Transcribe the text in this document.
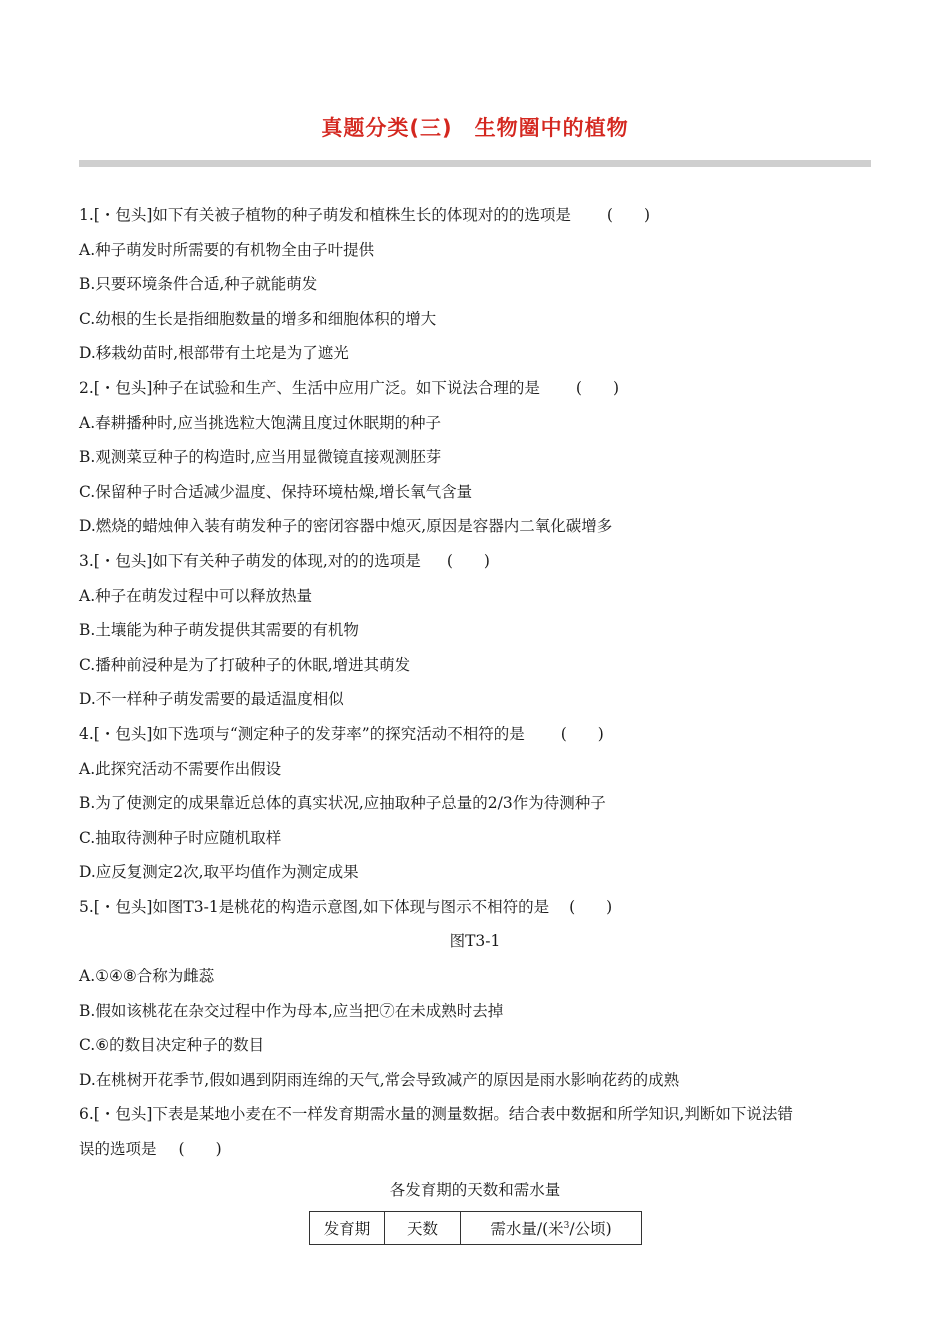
真题分类(三)　生物圈中的植物
1.[・包头]如下有关被子植物的种子萌发和植株生长的体现对的的选项是 (　　)
A.种子萌发时所需要的有机物全由子叶提供
B.只要环境条件合适,种子就能萌发
C.幼根的生长是指细胞数量的增多和细胞体积的增大
D.移栽幼苗时,根部带有土坨是为了遮光
2.[・包头]种子在试验和生产、生活中应用广泛。如下说法合理的是 (　　)
A.春耕播种时,应当挑选粒大饱满且度过休眠期的种子
B.观测菜豆种子的构造时,应当用显微镜直接观测胚芽
C.保留种子时合适减少温度、保持环境枯燥,增长氧气含量
D.燃烧的蜡烛伸入装有萌发种子的密闭容器中熄灭,原因是容器内二氧化碳增多
3.[・包头]如下有关种子萌发的体现,对的的选项是 (　　)
A.种子在萌发过程中可以释放热量
B.土壤能为种子萌发提供其需要的有机物
C.播种前浸种是为了打破种子的休眠,增进其萌发
D.不一样种子萌发需要的最适温度相似
4.[・包头]如下选项与“测定种子的发芽率”的探究活动不相符的是 (　　)
A.此探究活动不需要作出假设
B.为了使测定的成果靠近总体的真实状况,应抽取种子总量的2/3作为待测种子
C.抽取待测种子时应随机取样
D.应反复测定2次,取平均值作为测定成果
5.[・包头]如图T3-1是桃花的构造示意图,如下体现与图示不相符的是 (　　)
图T3-1
A.①④⑧合称为雌蕊
B.假如该桃花在杂交过程中作为母本,应当把⑦在未成熟时去掉
C.⑥的数目决定种子的数目
D.在桃树开花季节,假如遇到阴雨连绵的天气,常会导致减产的原因是雨水影响花药的成熟
6.[・包头]下表是某地小麦在不一样发育期需水量的测量数据。结合表中数据和所学知识,判断如下说法错
误的选项是 (　　)
各发育期的天数和需水量
发育期	天数	需水量/(米$^3$/公顷)
